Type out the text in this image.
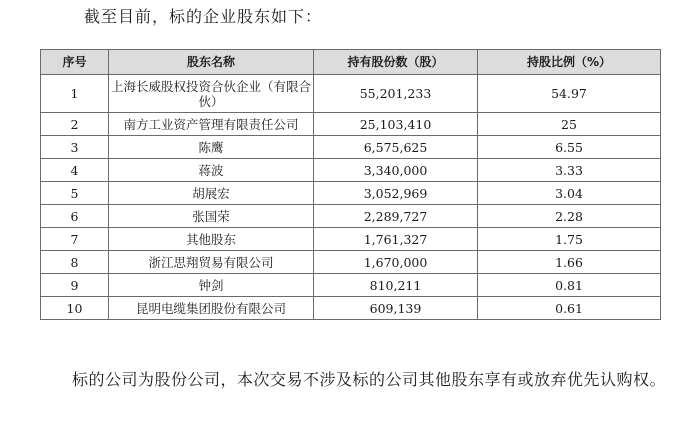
截至目前，标的企业股东如下：
序号	股东名称	持有股份数（股）	持股比例（%）
1	上海长威股权投资合伙企业（有限合伙）	55,201,233	54.97
2	南方工业资产管理有限责任公司	25,103,410	25
3	陈鹰	6,575,625	6.55
4	蒋波	3,340,000	3.33
5	胡展宏	3,052,969	3.04
6	张国荣	2,289,727	2.28
7	其他股东	1,761,327	1.75
8	浙江思翔贸易有限公司	1,670,000	1.66
9	钟剑	810,211	0.81
10	昆明电缆集团股份有限公司	609,139	0.61
标的公司为股份公司，本次交易不涉及标的公司其他股东享有或放弃优先认购权。
